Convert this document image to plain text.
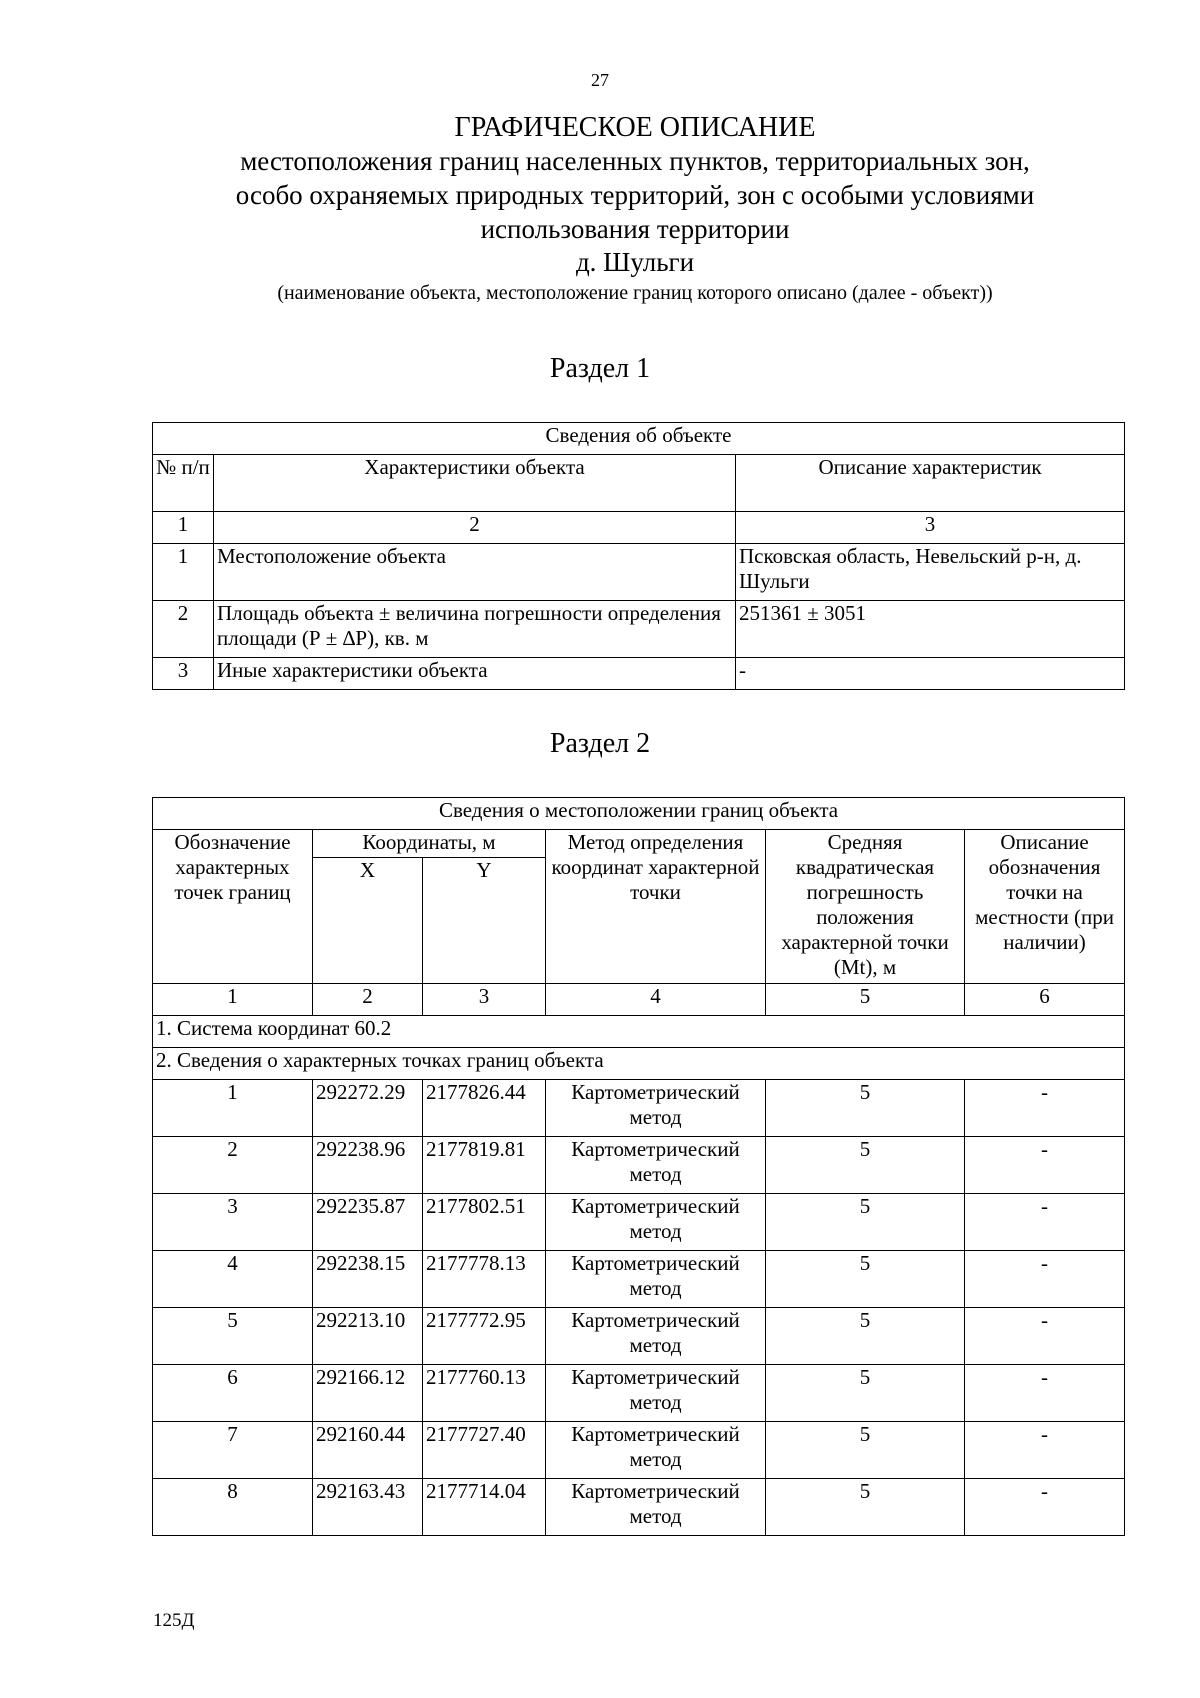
27
ГРАФИЧЕСКОЕ ОПИСАНИЕ
местоположения границ населенных пунктов, территориальных зон,
особо охраняемых природных территорий, зон с особыми условиями
использования территории
д. Шульги
(наименование объекта, местоположение границ которого описано (далее - объект))
Раздел 1
Сведения об объекте		
№ п/п	Характеристики объекта	Описание характеристик
1	2	3
1	Местоположение объекта	Псковская область, Невельский р-н, д. Шульги
2	Площадь объекта ± величина погрешности определения площади (Р ± ∆Р), кв. м	251361 ± 3051
3	Иные характеристики объекта	-
Раздел 2
Сведения о местоположении границ объекта					
Обозначение характерных точек границ	Координаты, м		Метод определения координат характерной точки	Средняя квадратическая погрешность положения характерной точки (Мt), м	Описание обозначения точки на местности (при наличии)
	X	Y			
1	2	3	4	5	6
1. Система координат 60.2					
2. Сведения о характерных точках границ объекта					
1	292272.29	2177826.44	Картометрический метод	5	-
2	292238.96	2177819.81	Картометрический метод	5	-
3	292235.87	2177802.51	Картометрический метод	5	-
4	292238.15	2177778.13	Картометрический метод	5	-
5	292213.10	2177772.95	Картометрический метод	5	-
6	292166.12	2177760.13	Картометрический метод	5	-
7	292160.44	2177727.40	Картометрический метод	5	-
8	292163.43	2177714.04	Картометрический метод	5	-
125Д
